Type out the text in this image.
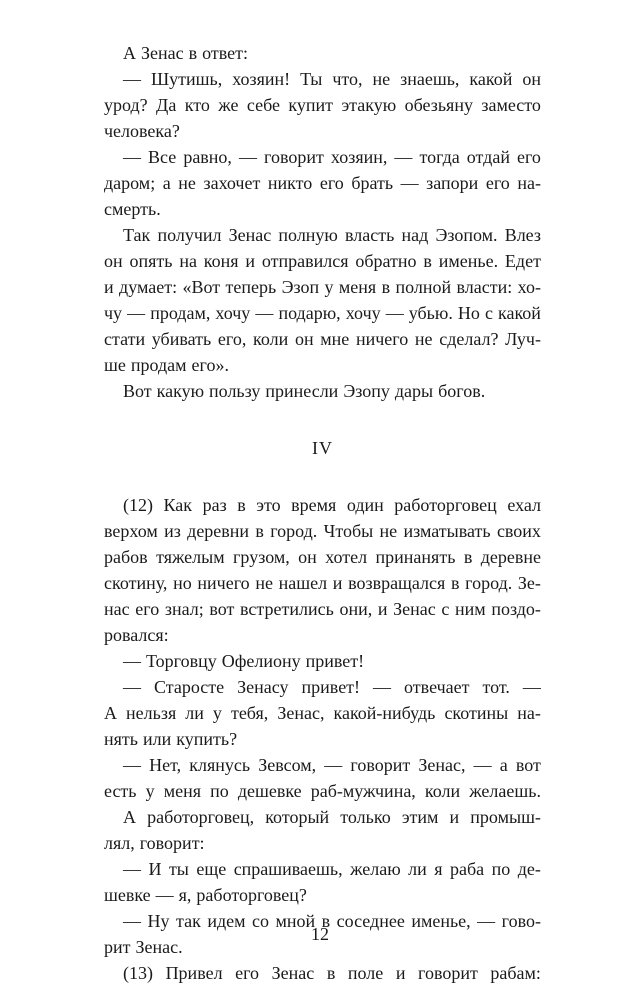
А Зенас в ответ:
— Шутишь, хозяин! Ты что, не знаешь, какой он
урод? Да кто же себе купит этакую обезьяну заместо
человека?
— Все равно, — говорит хозяин, — тогда отдай его
даром; а не захочет никто его брать — запори его на-
смерть.
Так получил Зенас полную власть над Эзопом. Влез
он опять на коня и отправился обратно в именье. Едет
и думает: «Вот теперь Эзоп у меня в полной власти: хо-
чу — продам, хочу — подарю, хочу — убью. Но с какой
стати убивать его, коли он мне ничего не сделал? Луч-
ше продам его».
Вот какую пользу принесли Эзопу дары богов.
IV
(12) Как раз в это время один работорговец ехал
верхом из деревни в город. Чтобы не изматывать своих
рабов тяжелым грузом, он хотел принанять в деревне
скотину, но ничего не нашел и возвращался в город. Зе-
нас его знал; вот встретились они, и Зенас с ним поздо-
ровался:
— Торговцу Офелиону привет!
— Старосте Зенасу привет! — отвечает тот. —
А нельзя ли у тебя, Зенас, какой-нибудь скотины на-
нять или купить?
— Нет, клянусь Зевсом, — говорит Зенас, — а вот
есть у меня по дешевке раб-мужчина, коли желаешь.
А работорговец, который только этим и промыш-
лял, говорит:
— И ты еще спрашиваешь, желаю ли я раба по де-
шевке — я, работорговец?
— Ну так идем со мной в соседнее именье, — гово-
рит Зенас.
(13) Привел его Зенас в поле и говорит рабам:
12
